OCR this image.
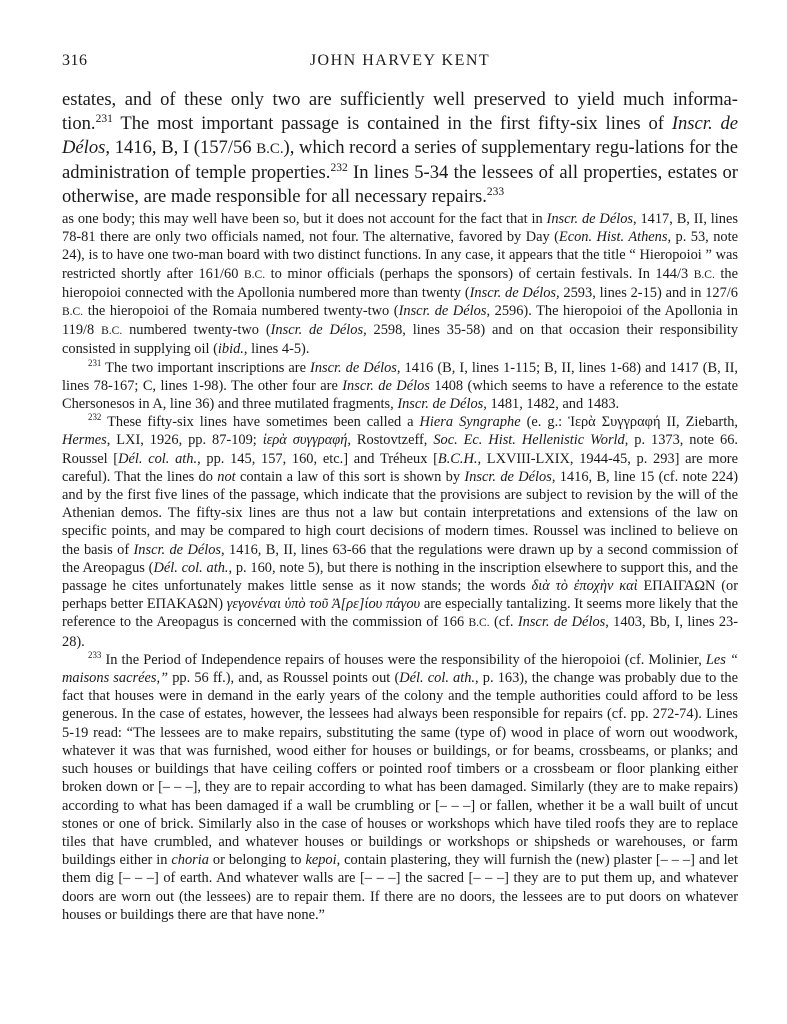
316	JOHN HARVEY KENT

estates, and of these only two are sufficiently well preserved to yield much informa-tion.$^{231}$ The most important passage is contained in the first fifty-six lines of Inscr. de Délos, 1416, B, I (157/56 B.C.), which record a series of supplementary regu-lations for the administration of temple properties.$^{232}$ In lines 5-34 the lessees of all properties, estates or otherwise, are made responsible for all necessary repairs.$^{233}$

as one body; this may well have been so, but it does not account for the fact that in Inscr. de Délos, 1417, B, II, lines 78-81 there are only two officials named, not four. The alternative, favored by Day (Econ. Hist. Athens, p. 53, note 24), is to have one two-man board with two distinct functions. In any case, it appears that the title “ Hieropoioi ” was restricted shortly after 161/60 B.C. to minor officials (perhaps the sponsors) of certain festivals. In 144/3 B.C. the hieropoioi connected with the Apollonia numbered more than twenty (Inscr. de Délos, 2593, lines 2-15) and in 127/6 B.C. the hieropoioi of the Romaia numbered twenty-two (Inscr. de Délos, 2596). The hieropoioi of the Apollonia in 119/8 B.C. numbered twenty-two (Inscr. de Délos, 2598, lines 35-58) and on that occasion their responsibility consisted in supplying oil (ibid., lines 4-5).

$^{231}$ The two important inscriptions are Inscr. de Délos, 1416 (B, I, lines 1-115; B, II, lines 1-68) and 1417 (B, II, lines 78-167; C, lines 1-98). The other four are Inscr. de Délos 1408 (which seems to have a reference to the estate Chersonesos in A, line 36) and three mutilated fragments, Inscr. de Délos, 1481, 1482, and 1483.

$^{232}$ These fifty-six lines have sometimes been called a Hiera Syngraphe (e. g.: Ἱερὰ Συγγραφή II, Ziebarth, Hermes, LXI, 1926, pp. 87-109; ἱερὰ συγγραφή, Rostovtzeff, Soc. Ec. Hist. Hellenistic World, p. 1373, note 66. Roussel [Dél. col. ath., pp. 145, 157, 160, etc.] and Tréheux [B.C.H., LXVIII-LXIX, 1944-45, p. 293] are more careful). That the lines do not contain a law of this sort is shown by Inscr. de Délos, 1416, B, line 15 (cf. note 224) and by the first five lines of the passage, which indicate that the provisions are subject to revision by the will of the Athenian demos. The fifty-six lines are thus not a law but contain interpretations and extensions of the law on specific points, and may be compared to high court decisions of modern times. Roussel was inclined to believe on the basis of Inscr. de Délos, 1416, B, II, lines 63-66 that the regulations were drawn up by a second commission of the Areopagus (Dél. col. ath., p. 160, note 5), but there is nothing in the inscription elsewhere to support this, and the passage he cites unfortunately makes little sense as it now stands; the words διὰ τὸ ἐποχὴν καὶ ΕΠΑΙΓΑΩΝ (or perhaps better ΕΠΑΚΑΩΝ) γεγονέναι ὑπὸ τοῦ Ἀ[ρε]ίου πάγου are especially tantalizing. It seems more likely that the reference to the Areopagus is concerned with the commission of 166 B.C. (cf. Inscr. de Délos, 1403, Bb, I, lines 23-28).

$^{233}$ In the Period of Independence repairs of houses were the responsibility of the hieropoioi (cf. Molinier, Les “ maisons sacrées,” pp. 56 ff.), and, as Roussel points out (Dél. col. ath., p. 163), the change was probably due to the fact that houses were in demand in the early years of the colony and the temple authorities could afford to be less generous. In the case of estates, however, the lessees had always been responsible for repairs (cf. pp. 272-74). Lines 5-19 read: “The lessees are to make repairs, substituting the same (type of) wood in place of worn out woodwork, whatever it was that was furnished, wood either for houses or buildings, or for beams, crossbeams, or planks; and such houses or buildings that have ceiling coffers or pointed roof timbers or a crossbeam or floor planking either broken down or [‒ ‒ ‒], they are to repair according to what has been damaged. Similarly (they are to make repairs) according to what has been damaged if a wall be crumbling or [‒ ‒ ‒] or fallen, whether it be a wall built of uncut stones or one of brick. Similarly also in the case of houses or workshops which have tiled roofs they are to replace tiles that have crumbled, and whatever houses or buildings or workshops or shipsheds or warehouses, or farm buildings either in choria or belonging to kepoi, contain plastering, they will furnish the (new) plaster [‒ ‒ ‒] and let them dig [‒ ‒ ‒] of earth. And whatever walls are [‒ ‒ ‒] the sacred [‒ ‒ ‒] they are to put them up, and whatever doors are worn out (the lessees) are to repair them. If there are no doors, the lessees are to put doors on whatever houses or buildings there are that have none.”
